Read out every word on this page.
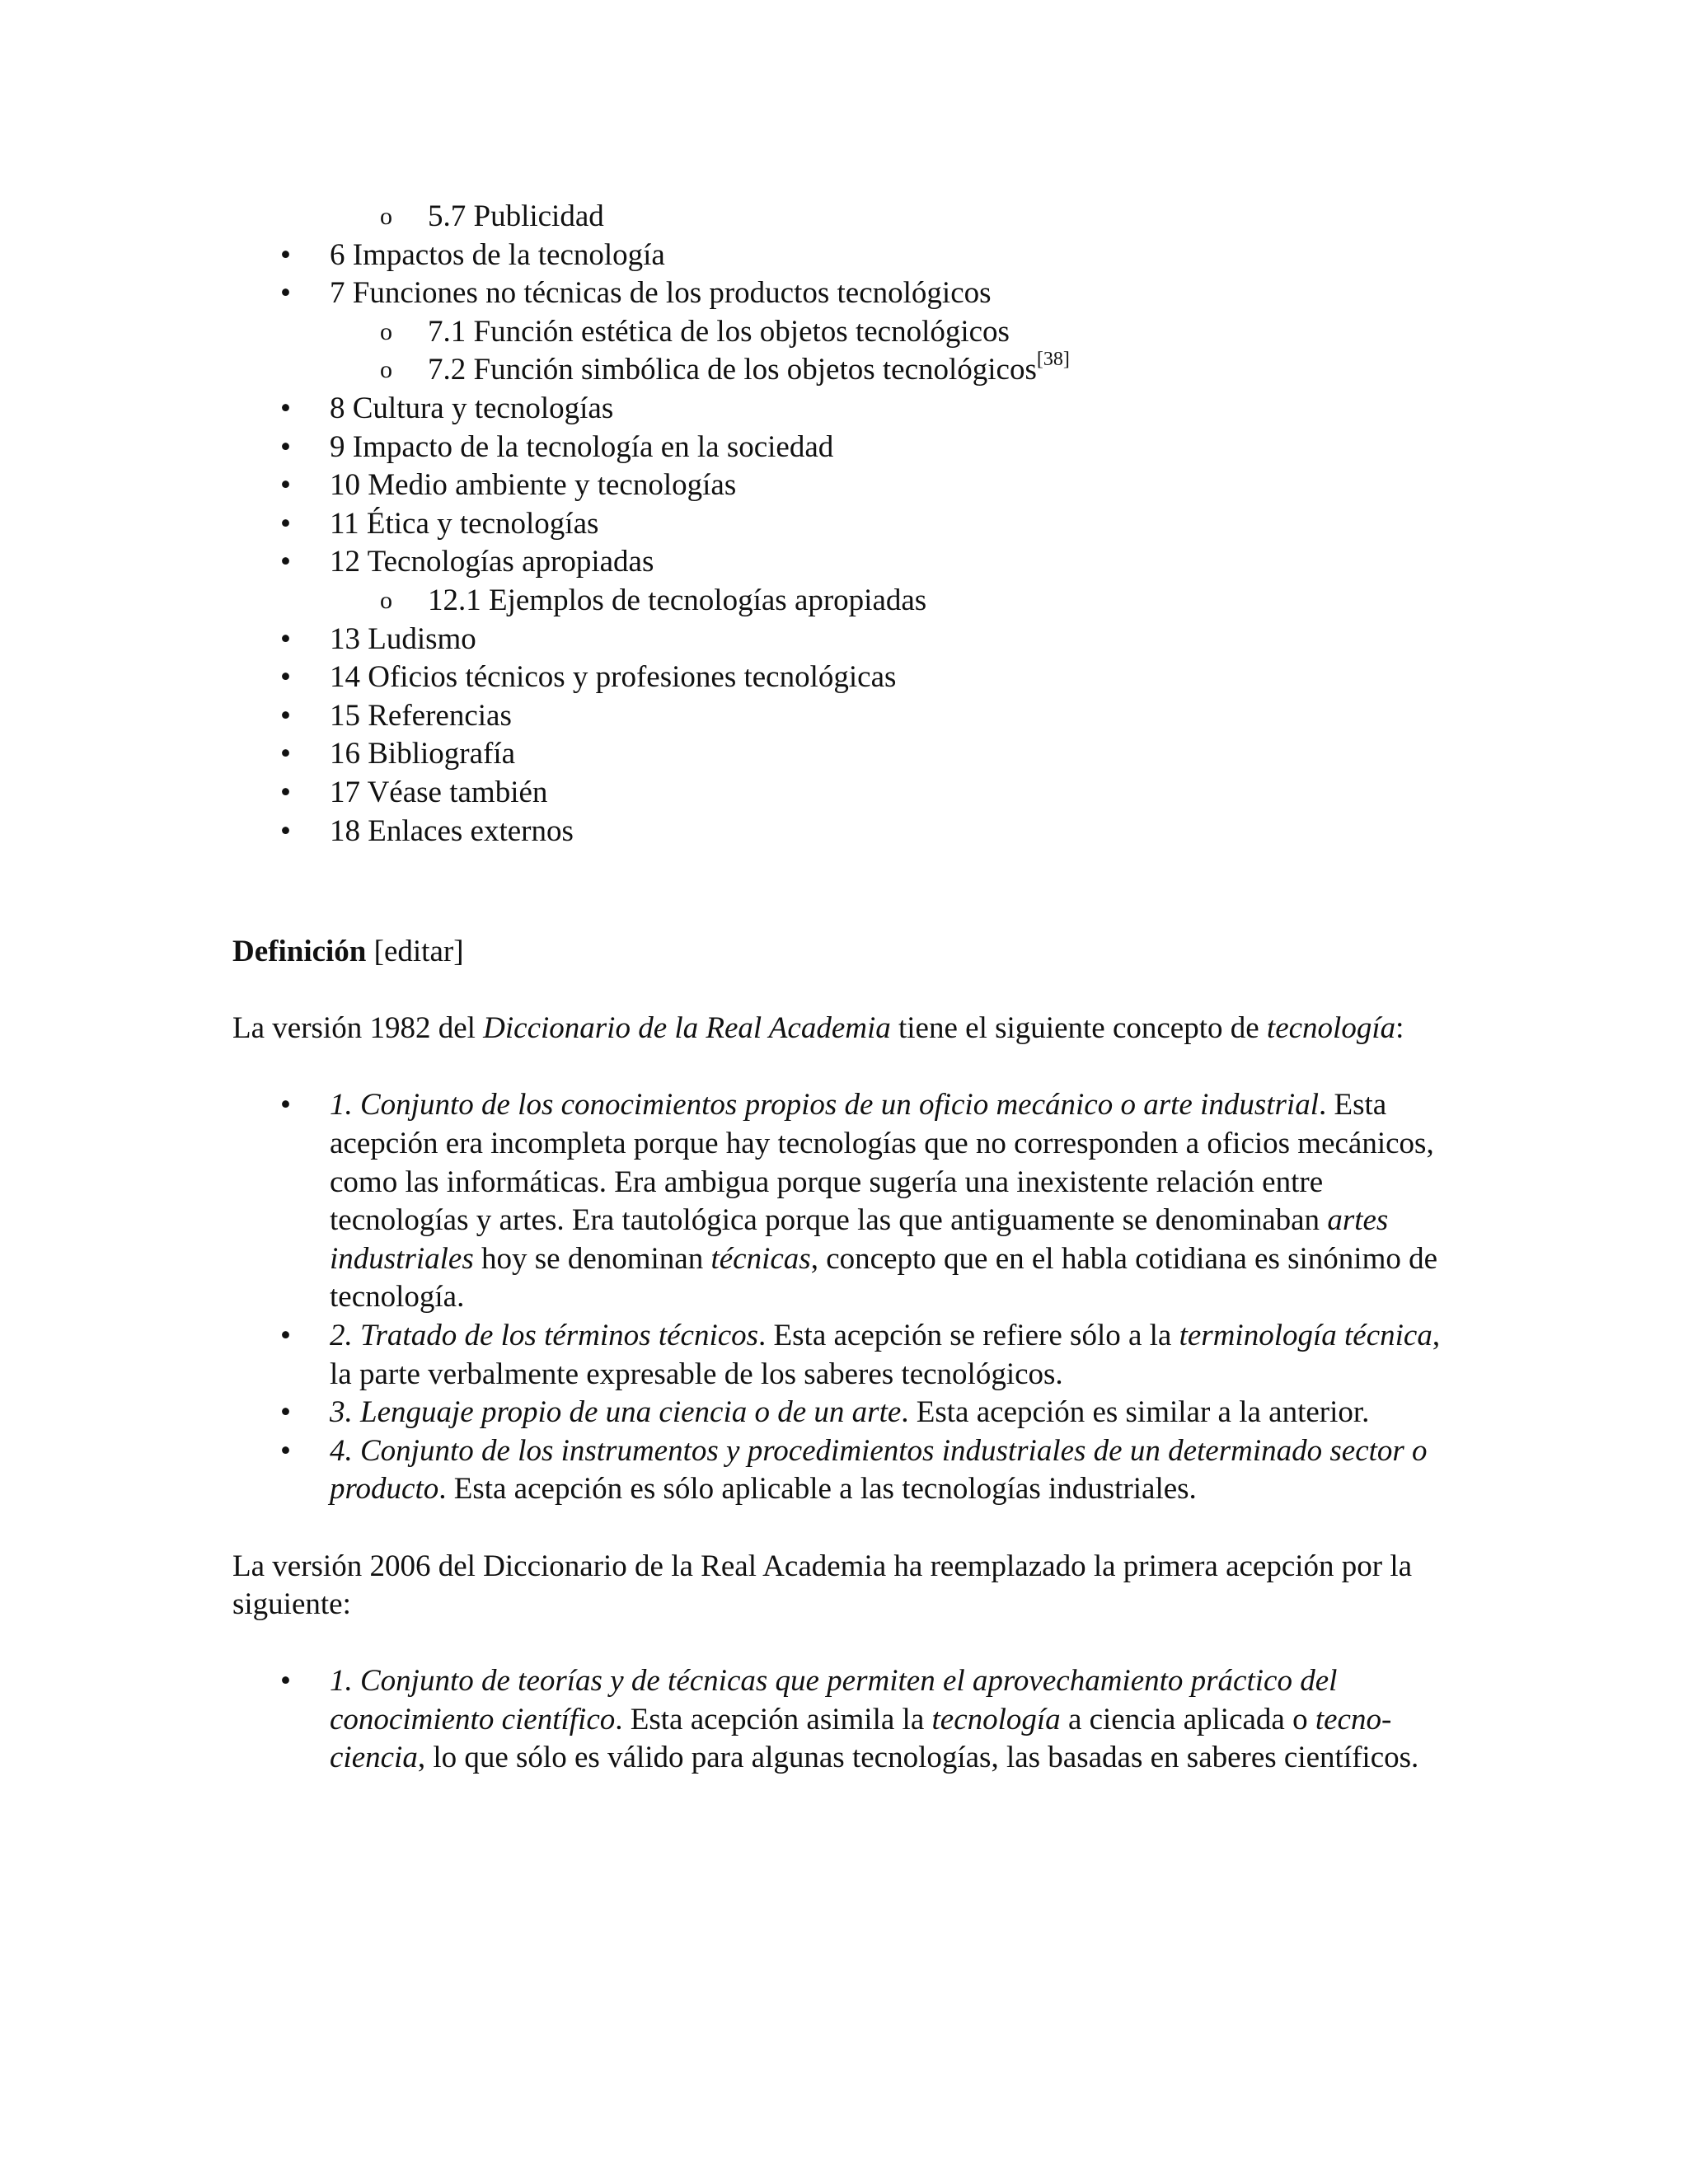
o 5.7 Publicidad
• 6 Impactos de la tecnología
• 7 Funciones no técnicas de los productos tecnológicos
o 7.1 Función estética de los objetos tecnológicos
o 7.2 Función simbólica de los objetos tecnológicos[38]
• 8 Cultura y tecnologías
• 9 Impacto de la tecnología en la sociedad
• 10 Medio ambiente y tecnologías
• 11 Ética y tecnologías
• 12 Tecnologías apropiadas
o 12.1 Ejemplos de tecnologías apropiadas
• 13 Ludismo
• 14 Oficios técnicos y profesiones tecnológicas
• 15 Referencias
• 16 Bibliografía
• 17 Véase también
• 18 Enlaces externos
Definición [editar]

La versión 1982 del Diccionario de la Real Academia tiene el siguiente concepto de tecnología:

• 1. Conjunto de los conocimientos propios de un oficio mecánico o arte industrial. Esta acepción era incompleta porque hay tecnologías que no corresponden a oficios mecánicos, como las informáticas. Era ambigua porque sugería una inexistente relación entre tecnologías y artes. Era tautológica porque las que antiguamente se denominaban artes industriales hoy se denominan técnicas, concepto que en el habla cotidiana es sinónimo de tecnología.
• 2. Tratado de los términos técnicos. Esta acepción se refiere sólo a la terminología técnica, la parte verbalmente expresable de los saberes tecnológicos.
• 3. Lenguaje propio de una ciencia o de un arte. Esta acepción es similar a la anterior.
• 4. Conjunto de los instrumentos y procedimientos industriales de un determinado sector o producto. Esta acepción es sólo aplicable a las tecnologías industriales.

La versión 2006 del Diccionario de la Real Academia ha reemplazado la primera acepción por la siguiente:

• 1. Conjunto de teorías y de técnicas que permiten el aprovechamiento práctico del conocimiento científico. Esta acepción asimila la tecnología a ciencia aplicada o tecno-ciencia, lo que sólo es válido para algunas tecnologías, las basadas en saberes científicos.
